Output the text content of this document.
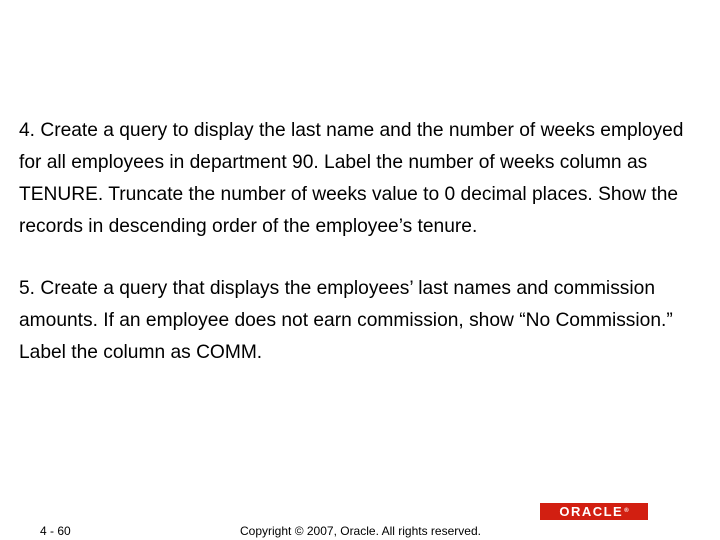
4. Create a query to display the last name and the number of weeks employed for all employees in department 90. Label the number of weeks column as TENURE. Truncate the number of weeks value to 0 decimal places. Show the records in descending order of the employee’s tenure.

5. Create a query that displays the employees’ last names and commission amounts. If an employee does not earn commission, show “No Commission.” Label the column as COMM.

ORACLE ®
4 - 60	Copyright © 2007, Oracle. All rights reserved.
